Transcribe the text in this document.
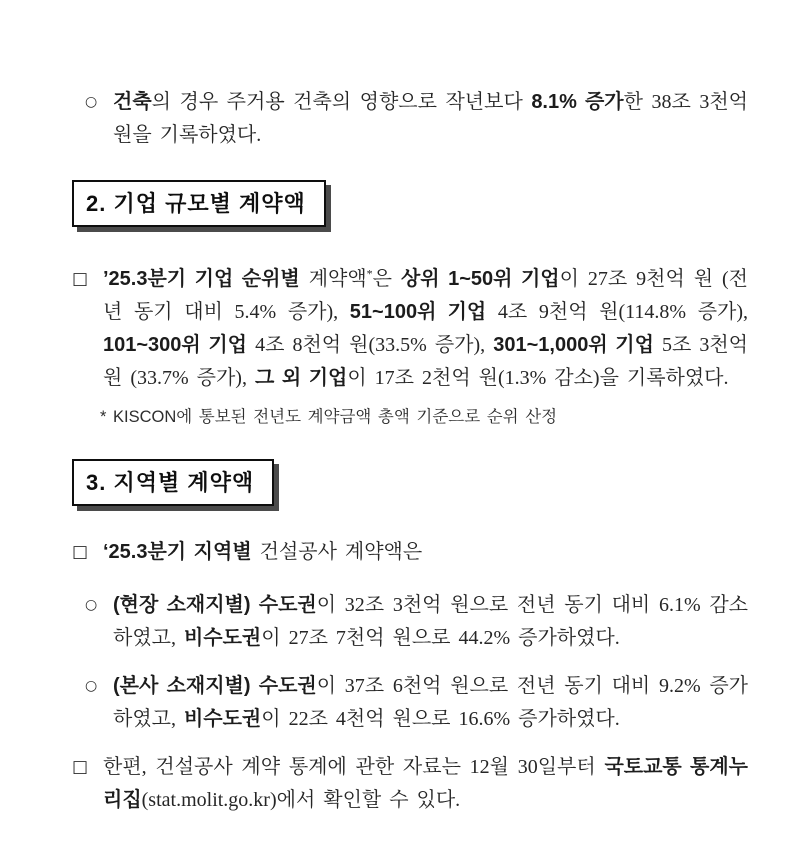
○ 건축의 경우 주거용 건축의 영향으로 작년보다 8.1% 증가한 38조 3천억 원을 기록하였다.
2. 기업 규모별 계약액
□ ’25.3분기 기업 순위별 계약액*은 상위 1~50위 기업이 27조 9천억 원 (전년 동기 대비 5.4% 증가), 51~100위 기업 4조 9천억 원(114.8% 증가), 101~300위 기업 4조 8천억 원(33.5% 증가), 301~1,000위 기업 5조 3천억 원 (33.7% 증가), 그 외 기업이 17조 2천억 원(1.3% 감소)을 기록하였다.
* KISCON에 통보된 전년도 계약금액 총액 기준으로 순위 산정
3. 지역별 계약액
□ ‘25.3분기 지역별 건설공사 계약액은
○ (현장 소재지별) 수도권이 32조 3천억 원으로 전년 동기 대비 6.1% 감소하였고, 비수도권이 27조 7천억 원으로 44.2% 증가하였다.
○ (본사 소재지별) 수도권이 37조 6천억 원으로 전년 동기 대비 9.2% 증가하였고, 비수도권이 22조 4천억 원으로 16.6% 증가하였다.
□ 한편, 건설공사 계약 통계에 관한 자료는 12월 30일부터 국토교통 통계누리집(stat.molit.go.kr)에서 확인할 수 있다.
